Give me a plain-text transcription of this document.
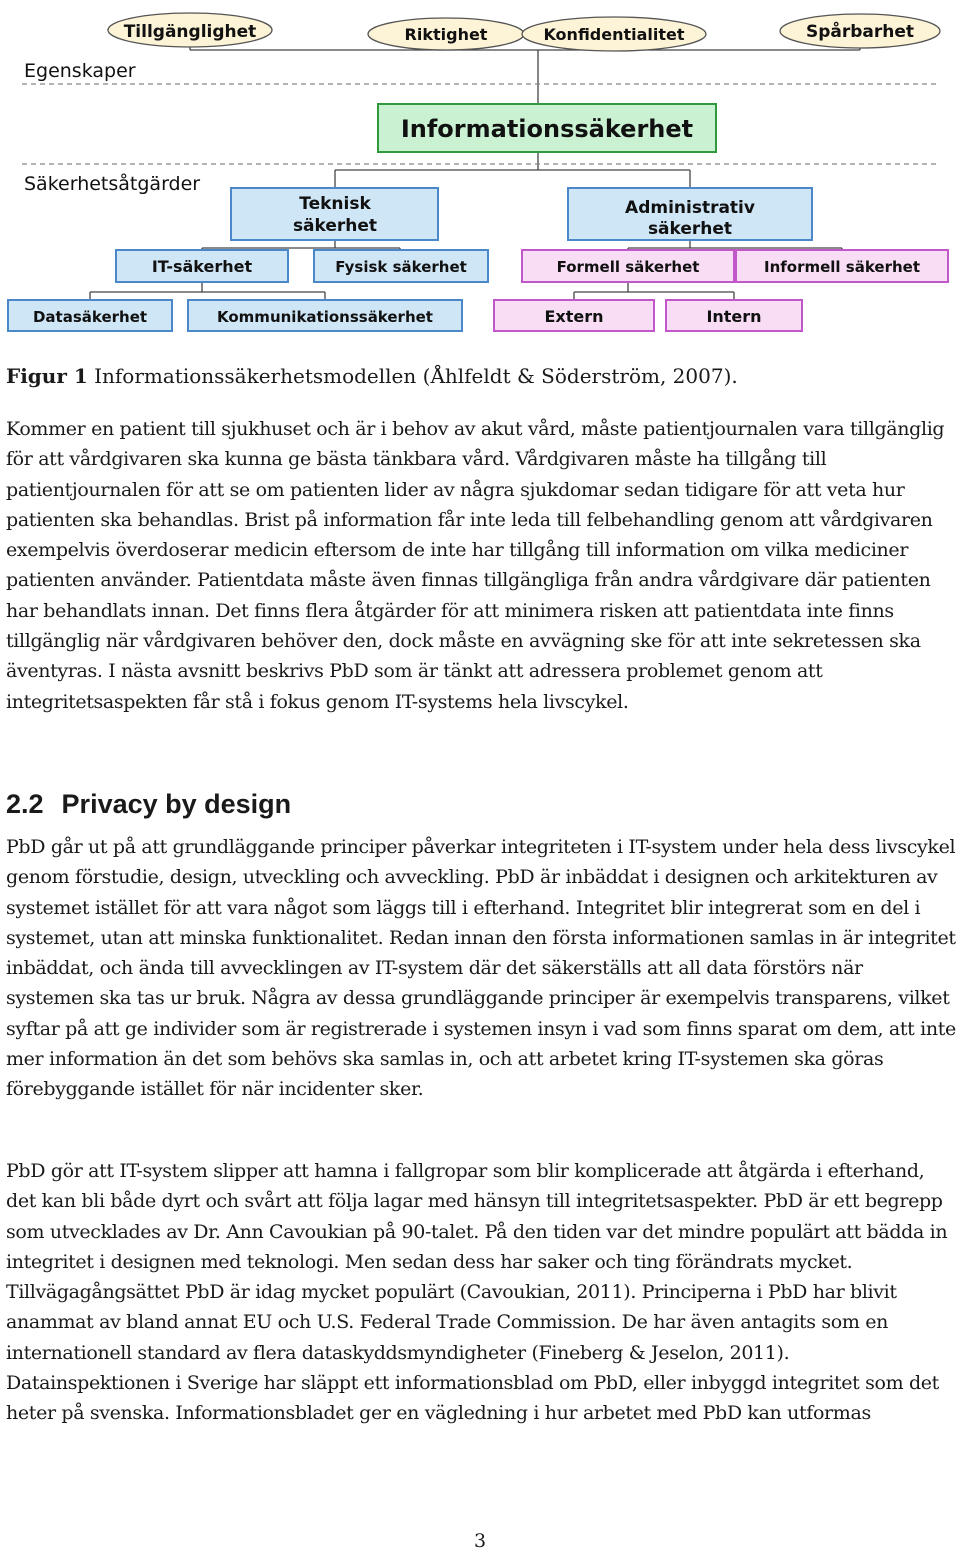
Egenskaper
Säkerhetsåtgärder
Tillgänglighet	Riktighet	Konfidentialitet	Spårbarhet
Informationssäkerhet
Teknisk
säkerhet
Administrativ
säkerhet
IT-säkerhet	Fysisk säkerhet	Formell säkerhet	Informell säkerhet
Datasäkerhet	Kommunikationssäkerhet	Extern	Intern

Figur 1 Informationssäkerhetsmodellen (Åhlfeldt & Söderström, 2007).

Kommer en patient till sjukhuset och är i behov av akut vård, måste patientjournalen vara tillgänglig för att vårdgivaren ska kunna ge bästa tänkbara vård. Vårdgivaren måste ha tillgång till patientjournalen för att se om patienten lider av några sjukdomar sedan tidigare för att veta hur patienten ska behandlas. Brist på information får inte leda till felbehandling genom att vårdgivaren exempelvis överdoserar medicin eftersom de inte har tillgång till information om vilka mediciner patienten använder. Patientdata måste även finnas tillgängliga från andra vårdgivare där patienten har behandlats innan. Det finns flera åtgärder för att minimera risken att patientdata inte finns tillgänglig när vårdgivaren behöver den, dock måste en avvägning ske för att inte sekretessen ska äventyras. I nästa avsnitt beskrivs PbD som är tänkt att adressera problemet genom att integritetsaspekten får stå i fokus genom IT-systems hela livscykel.

2.2 Privacy by design

PbD går ut på att grundläggande principer påverkar integriteten i IT-system under hela dess livscykel genom förstudie, design, utveckling och avveckling. PbD är inbäddat i designen och arkitekturen av systemet istället för att vara något som läggs till i efterhand. Integritet blir integrerat som en del i systemet, utan att minska funktionalitet. Redan innan den första informationen samlas in är integritet inbäddat, och ända till avvecklingen av IT-system där det säkerställs att all data förstörs när systemen ska tas ur bruk. Några av dessa grundläggande principer är exempelvis transparens, vilket syftar på att ge individer som är registrerade i systemen insyn i vad som finns sparat om dem, att inte mer information än det som behövs ska samlas in, och att arbetet kring IT-systemen ska göras förebyggande istället för när incidenter sker.

PbD gör att IT-system slipper att hamna i fallgropar som blir komplicerade att åtgärda i efterhand, det kan bli både dyrt och svårt att följa lagar med hänsyn till integritetsaspekter. PbD är ett begrepp som utvecklades av Dr. Ann Cavoukian på 90-talet. På den tiden var det mindre populärt att bädda in integritet i designen med teknologi. Men sedan dess har saker och ting förändrats mycket. Tillvägagångsättet PbD är idag mycket populärt (Cavoukian, 2011). Principerna i PbD har blivit anammat av bland annat EU och U.S. Federal Trade Commission. De har även antagits som en internationell standard av flera dataskyddsmyndigheter (Fineberg & Jeselon, 2011). Datainspektionen i Sverige har släppt ett informationsblad om PbD, eller inbyggd integritet som det heter på svenska. Informationsbladet ger en vägledning i hur arbetet med PbD kan utformas

3
